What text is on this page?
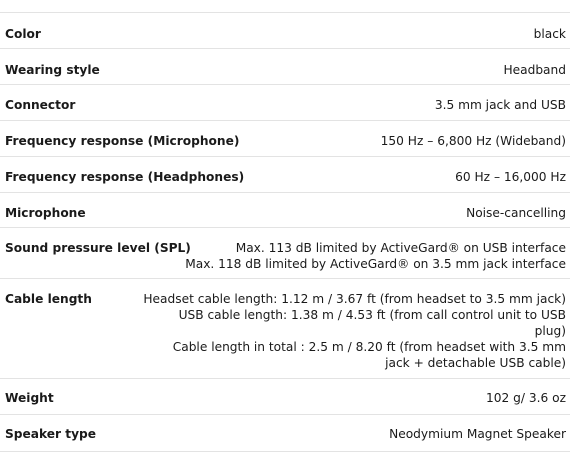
Color	black
Wearing style	Headband
Connector	3.5 mm jack and USB
Frequency response (Microphone)	150 Hz – 6,800 Hz (Wideband)
Frequency response (Headphones)	60 Hz – 16,000 Hz
Microphone	Noise-cancelling
Sound pressure level (SPL)	Max. 113 dB limited by ActiveGard® on USB interface
Max. 118 dB limited by ActiveGard® on 3.5 mm jack interface
Cable length	Headset cable length: 1.12 m / 3.67 ft (from headset to 3.5 mm jack)
USB cable length: 1.38 m / 4.53 ft (from call control unit to USB
plug)
Cable length in total : 2.5 m / 8.20 ft (from headset with 3.5 mm
jack + detachable USB cable)
Weight	102 g/ 3.6 oz
Speaker type	Neodymium Magnet Speaker
